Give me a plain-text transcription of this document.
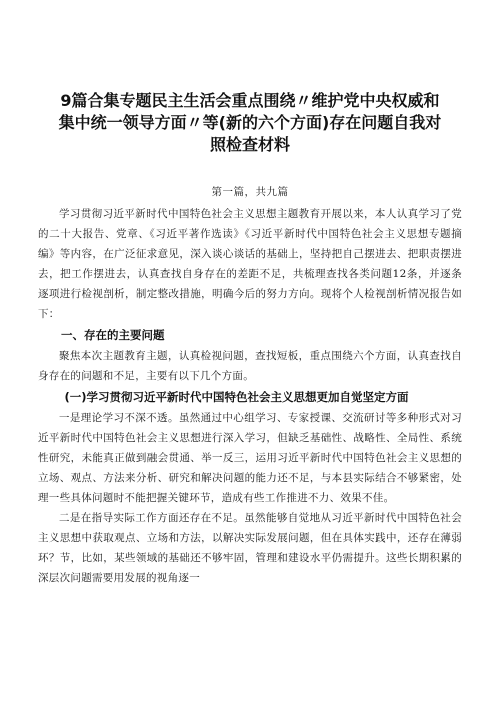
9篇合集专题民主生活会重点围绕〃维护党中央权威和
集中统一领导方面〃等(新的六个方面)存在问题自我对
照检查材料
第一篇，共九篇

学习贯彻习近平新时代中国特色社会主义思想主题教育开展以来，本人认真学习了党的二十大报告、党章、《习近平著作选读》《习近平新时代中国特色社会主义思想专题摘编》等内容，在广泛征求意见，深入谈心谈话的基础上，坚持把自己摆进去、把职责摆进去，把工作摆进去，认真查找自身存在的差距不足，共梳理查找各类问题12条，并逐条逐项进行检视剖析，制定整改措施，明确今后的努力方向。现将个人检视剖析情况报告如下：

一、存在的主要问题

聚焦本次主题教育主题，认真检视问题，查找短板，重点围绕六个方面，认真查找自身存在的问题和不足，主要有以下几个方面。

(一)学习贯彻习近平新时代中国特色社会主义思想更加自觉坚定方面

一是理论学习不深不透。虽然通过中心组学习、专家授课、交流研讨等多种形式对习近平新时代中国特色社会主义思想进行深入学习，但缺乏基础性、战略性、全局性、系统性研究，未能真正做到融会贯通、举一反三，运用习近平新时代中国特色社会主义思想的立场、观点、方法来分析、研究和解决问题的能力还不足，与本县实际结合不够紧密，处理一些具体问题时不能把握关键环节，造成有些工作推进不力、效果不佳。

二是在指导实际工作方面还存在不足。虽然能够自觉地从习近平新时代中国特色社会主义思想中获取观点、立场和方法，以解决实际发展问题，但在具体实践中，还存在薄弱环？节，比如，某些领域的基础还不够牢固，管理和建设水平仍需提升。这些长期积累的深层次问题需要用发展的视角逐一
